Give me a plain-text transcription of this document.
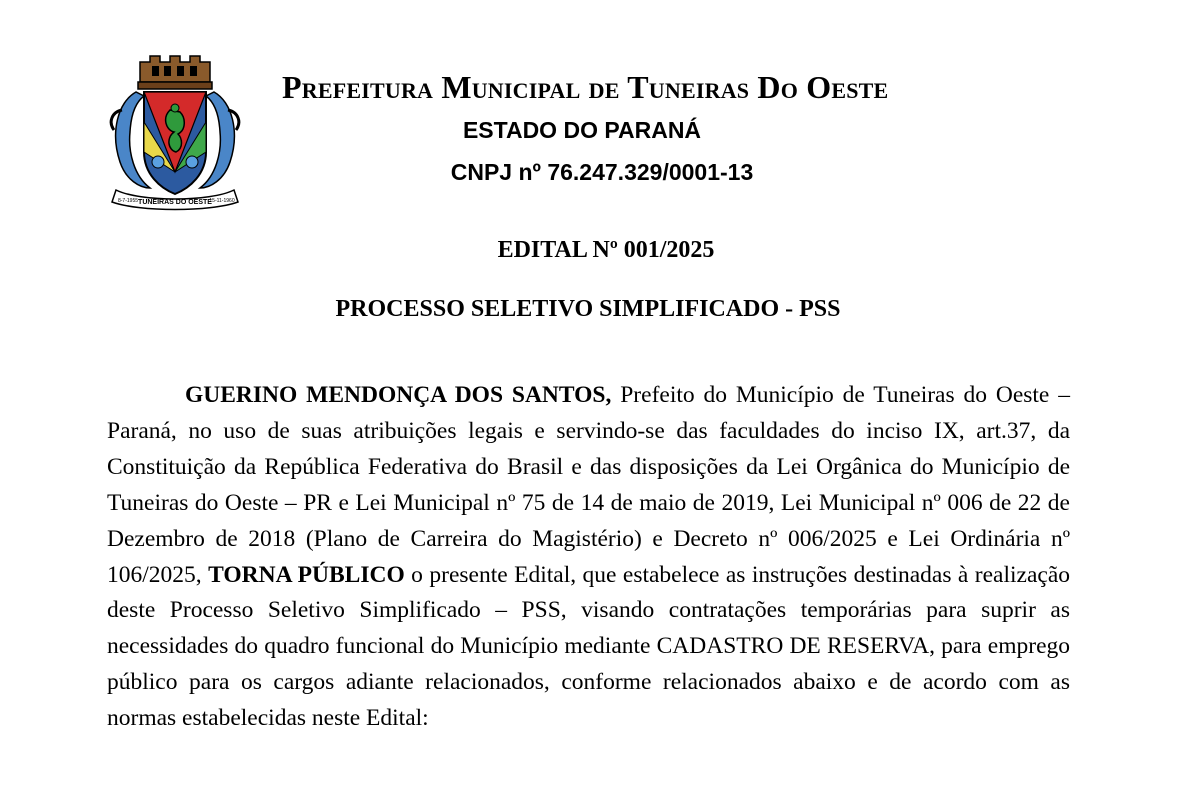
TUNEIRAS DO OESTE
8-7-1955	15-11-1960
Prefeitura Municipal de Tuneiras Do Oeste
ESTADO DO PARANÁ
CNPJ nº 76.247.329/0001-13
EDITAL Nº 001/2025
PROCESSO SELETIVO SIMPLIFICADO - PSS
GUERINO MENDONÇA DOS SANTOS, Prefeito do Município de Tuneiras do Oeste – Paraná, no uso de suas atribuições legais e servindo-se das faculdades do inciso IX, art.37, da Constituição da República Federativa do Brasil e das disposições da Lei Orgânica do Município de Tuneiras do Oeste – PR e Lei Municipal nº 75 de 14 de maio de 2019, Lei Municipal nº 006 de 22 de Dezembro de 2018 (Plano de Carreira do Magistério) e Decreto nº 006/2025 e Lei Ordinária nº 106/2025, TORNA PÚBLICO o presente Edital, que estabelece as instruções destinadas à realização deste Processo Seletivo Simplificado – PSS, visando contratações temporárias para suprir as necessidades do quadro funcional do Município mediante CADASTRO DE RESERVA, para emprego público para os cargos adiante relacionados, conforme relacionados abaixo e de acordo com as normas estabelecidas neste Edital:
